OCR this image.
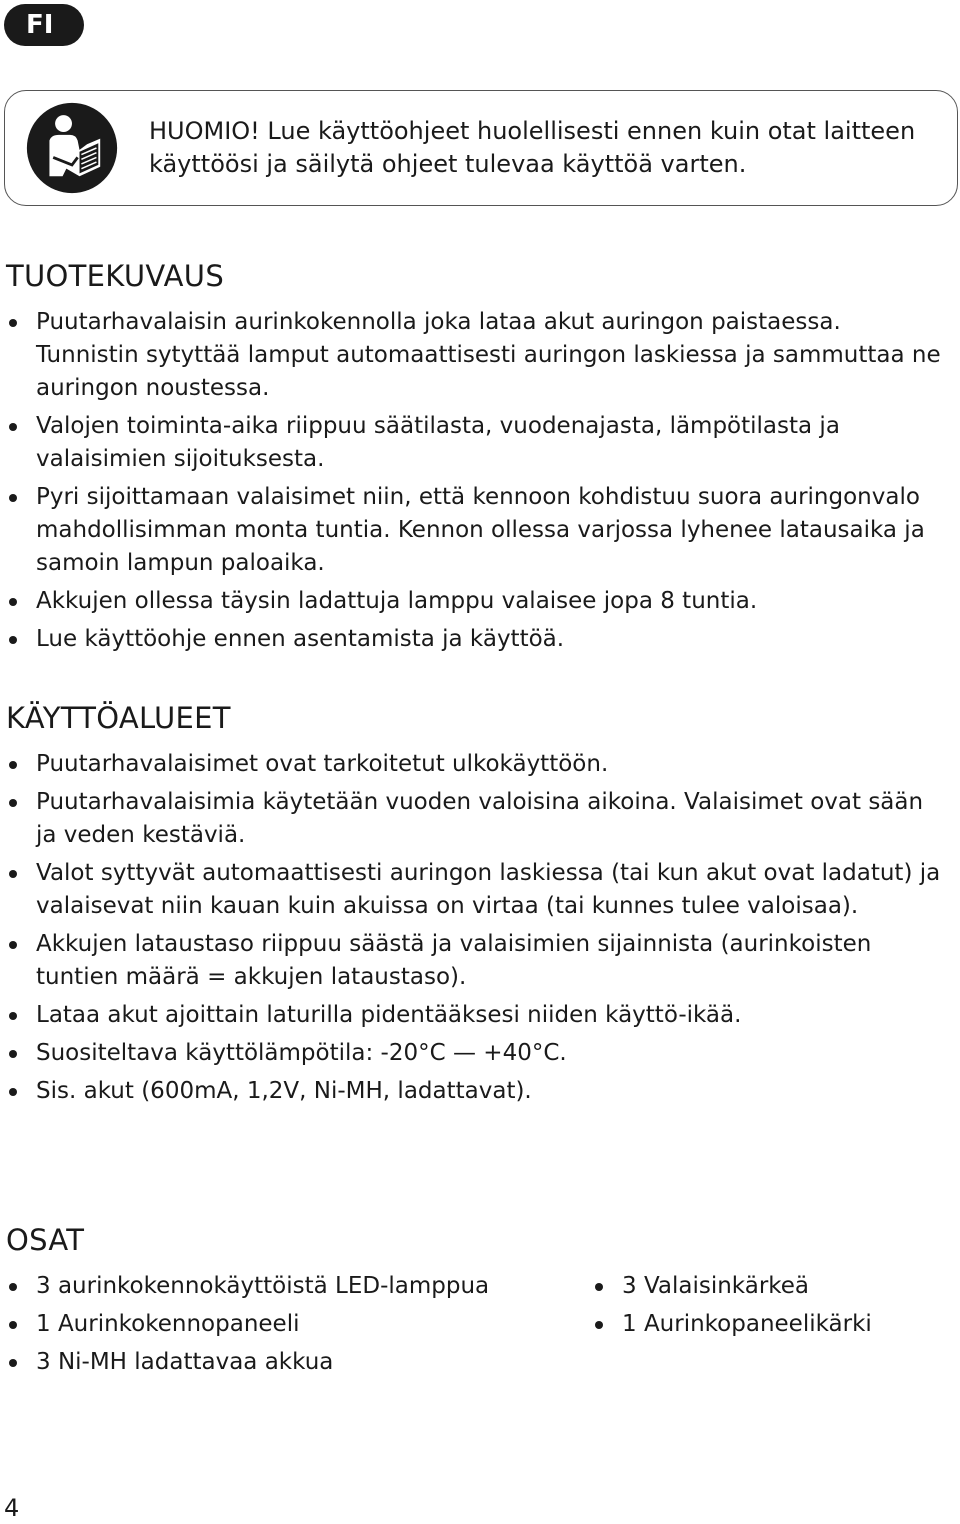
FI
HUOMIO! Lue käyttöohjeet huolellisesti ennen kuin otat laitteen käyttöösi ja säilytä ohjeet tulevaa käyttöä varten.
TUOTEKUVAUS
Puutarhavalaisin aurinkokennolla joka lataa akut auringon paistaessa. Tunnistin sytyttää lamput automaattisesti auringon laskiessa ja sammuttaa ne auringon noustessa.
Valojen toiminta-aika riippuu säätilasta, vuodenajasta, lämpötilasta ja valaisimien sijoituksesta.
Pyri sijoittamaan valaisimet niin, että kennoon kohdistuu suora auringonvalo mahdollisimman monta tuntia. Kennon ollessa varjossa lyhenee latausaika ja samoin lampun paloaika.
Akkujen ollessa täysin ladattuja lamppu valaisee jopa 8 tuntia.
Lue käyttöohje ennen asentamista ja käyttöä.
KÄYTTÖALUEET
Puutarhavalaisimet ovat tarkoitetut ulkokäyttöön.
Puutarhavalaisimia käytetään vuoden valoisina aikoina. Valaisimet ovat sään ja veden kestäviä.
Valot syttyvät automaattisesti auringon laskiessa (tai kun akut ovat ladatut) ja valaisevat niin kauan kuin akuissa on virtaa (tai kunnes tulee valoisaa).
Akkujen lataustaso riippuu säästä ja valaisimien sijainnista (aurinkoisten tuntien määrä = akkujen lataustaso).
Lataa akut ajoittain laturilla pidentääksesi niiden käyttö-ikää.
Suositeltava käyttölämpötila: -20°C — +40°C.
Sis. akut (600mA, 1,2V, Ni-MH, ladattavat).
OSAT
3 aurinkokennokäyttöistä LED-lamppua
1 Aurinkokennopaneeli
3 Ni-MH ladattavaa akkua
3 Valaisinkärkeä
1 Aurinkopaneelikärki
4
